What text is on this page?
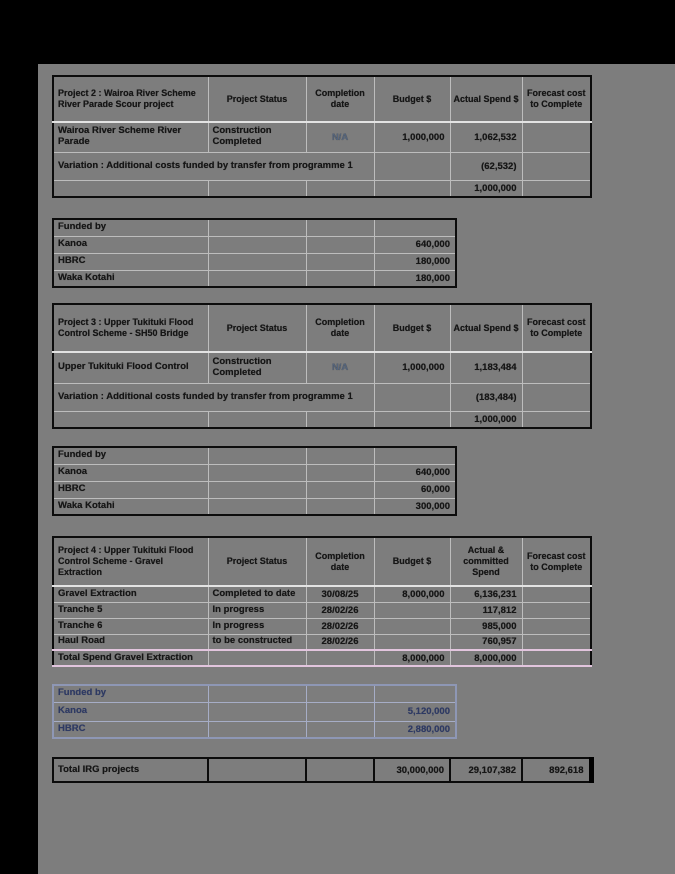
Project 2 : Wairoa River Scheme River Parade Scour project	Project Status	Completion date	Budget $	Actual Spend $	Forecast cost to Complete
Wairoa River Scheme River Parade	Construction Completed	N/A	1,000,000	1,062,532	
Variation : Additional costs funded by transfer from programme 1				(62,532)	
				1,000,000	
Funded by			
Kanoa			640,000
HBRC			180,000
Waka Kotahi			180,000
Project 3 : Upper Tukituki Flood Control Scheme - SH50 Bridge	Project Status	Completion date	Budget $	Actual Spend $	Forecast cost to Complete
Upper Tukituki Flood Control	Construction Completed	N/A	1,000,000	1,183,484	
Variation : Additional costs funded by transfer from programme 1				(183,484)	
				1,000,000	
Funded by			
Kanoa			640,000
HBRC			60,000
Waka Kotahi			300,000
Project 4 : Upper Tukituki Flood Control Scheme - Gravel Extraction	Project Status	Completion date	Budget $	Actual & committed Spend	Forecast cost to Complete
Gravel Extraction	Completed to date	30/08/25	8,000,000	6,136,231	
Tranche 5	In progress	28/02/26		117,812	
Tranche 6	In progress	28/02/26		985,000	
Haul Road	to be constructed	28/02/26		760,957	
Total Spend Gravel Extraction			8,000,000	8,000,000	
Funded by			
Kanoa			5,120,000
HBRC			2,880,000
Total IRG projects			30,000,000	29,107,382	892,618
